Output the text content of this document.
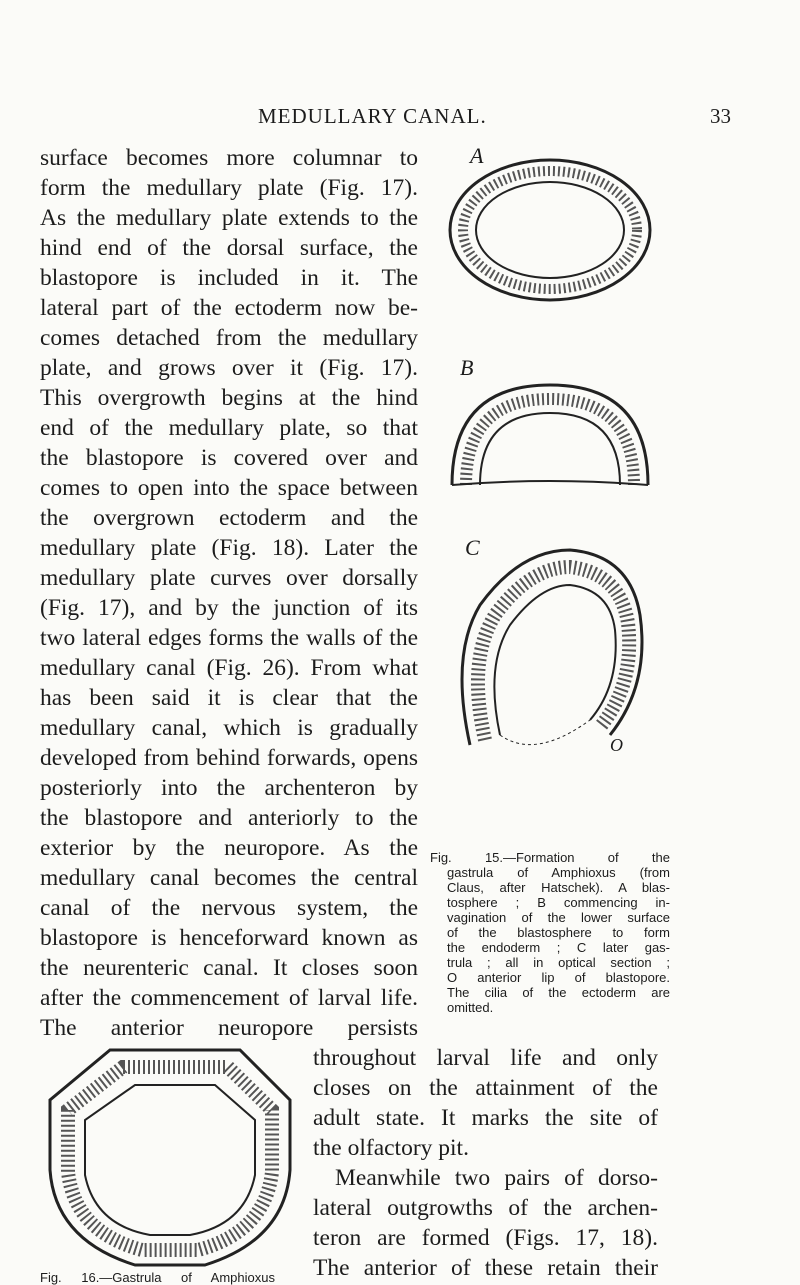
MEDULLARY CANAL.	33
surface becomes more columnar to
form the medullary plate (Fig. 17).
As the medullary plate extends to the
hind end of the dorsal surface, the
blastopore is included in it. The
lateral part of the ectoderm now be-
comes detached from the medullary
plate, and grows over it (Fig. 17).
This overgrowth begins at the hind
end of the medullary plate, so that
the blastopore is covered over and
comes to open into the space between
the overgrown ectoderm and the
medullary plate (Fig. 18). Later the
medullary plate curves over dorsally
(Fig. 17), and by the junction of its
two lateral edges forms the walls of the
medullary canal (Fig. 26). From what
has been said it is clear that the
medullary canal, which is gradually
developed from behind forwards, opens
posteriorly into the archenteron by
the blastopore and anteriorly to the
exterior by the neuropore. As the
medullary canal becomes the central
canal of the nervous system, the
blastopore is henceforward known as
the neurenteric canal. It closes soon
after the commencement of larval life.
The anterior neuropore persists
throughout larval life and only
closes on the attainment of the
adult state. It marks the site of
the olfactory pit.
Meanwhile two pairs of dorso-
lateral outgrowths of the archen-
teron are formed (Figs. 17, 18).
The anterior of these retain their
A
B
C
O
Fig. 15.—Formation of the
gastrula of Amphioxus (from
Claus, after Hatschek). A blas-
tosphere ; B commencing in-
vagination of the lower surface
of the blastosphere to form
the endoderm ; C later gas-
trula ; all in optical section ;
O anterior lip of blastopore.
The cilia of the ectoderm are
omitted.
Fig. 16.—Gastrula of Amphioxus
